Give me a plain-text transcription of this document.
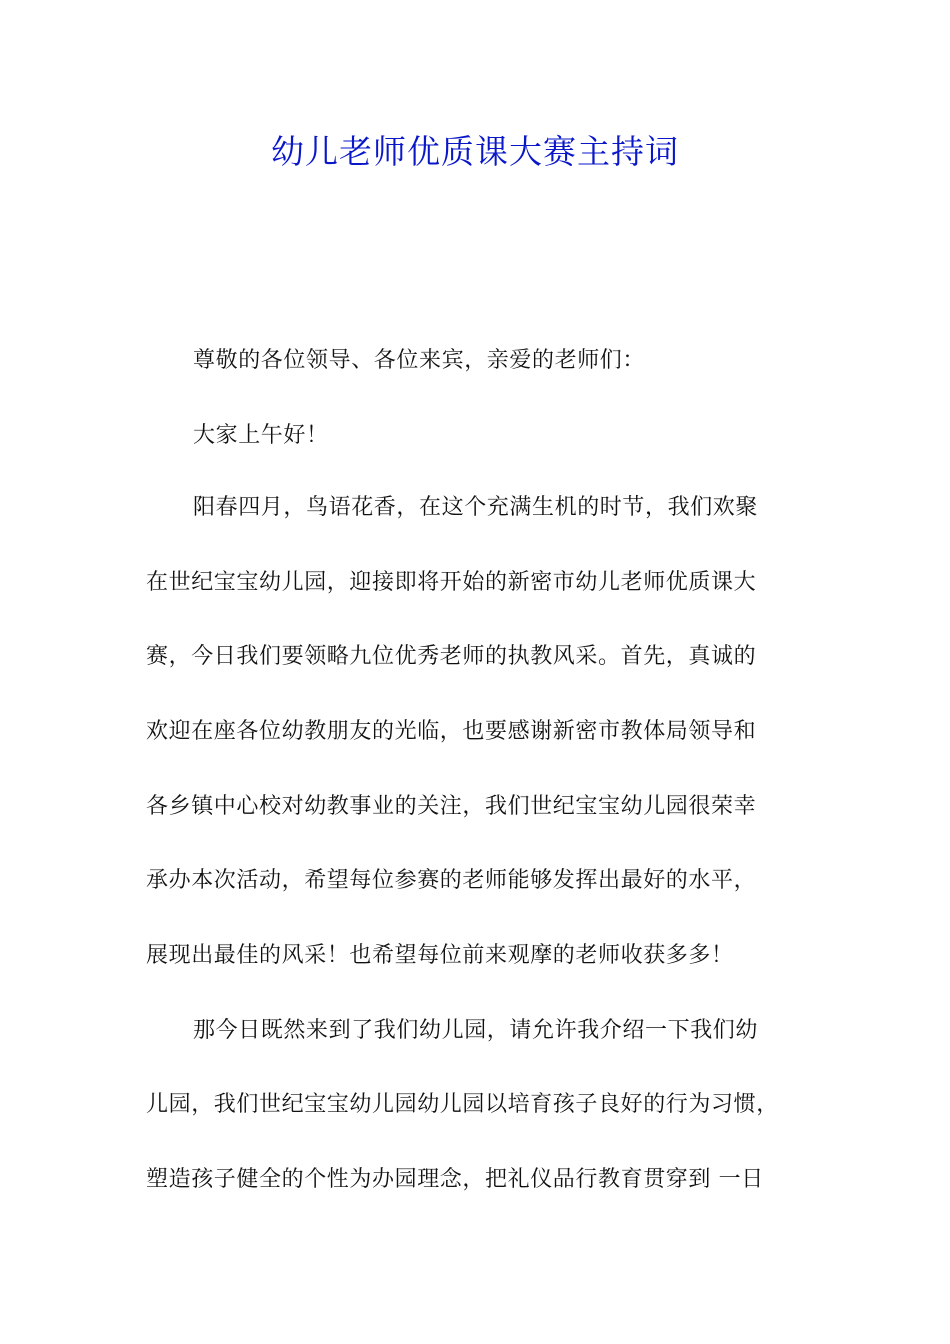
幼儿老师优质课大赛主持词
尊敬的各位领导、各位来宾，亲爱的老师们：
大家上午好！
阳春四月，鸟语花香，在这个充满生机的时节，我们欢聚
在世纪宝宝幼儿园，迎接即将开始的新密市幼儿老师优质课大
赛，今日我们要领略九位优秀老师的执教风采。首先，真诚的
欢迎在座各位幼教朋友的光临，也要感谢新密市教体局领导和
各乡镇中心校对幼教事业的关注，我们世纪宝宝幼儿园很荣幸
承办本次活动，希望每位参赛的老师能够发挥出最好的水平，
展现出最佳的风采！也希望每位前来观摩的老师收获多多！
那今日既然来到了我们幼儿园，请允许我介绍一下我们幼
儿园，我们世纪宝宝幼儿园幼儿园以培育孩子良好的行为习惯，
塑造孩子健全的个性为办园理念，把礼仪品行教育贯穿到 一日
